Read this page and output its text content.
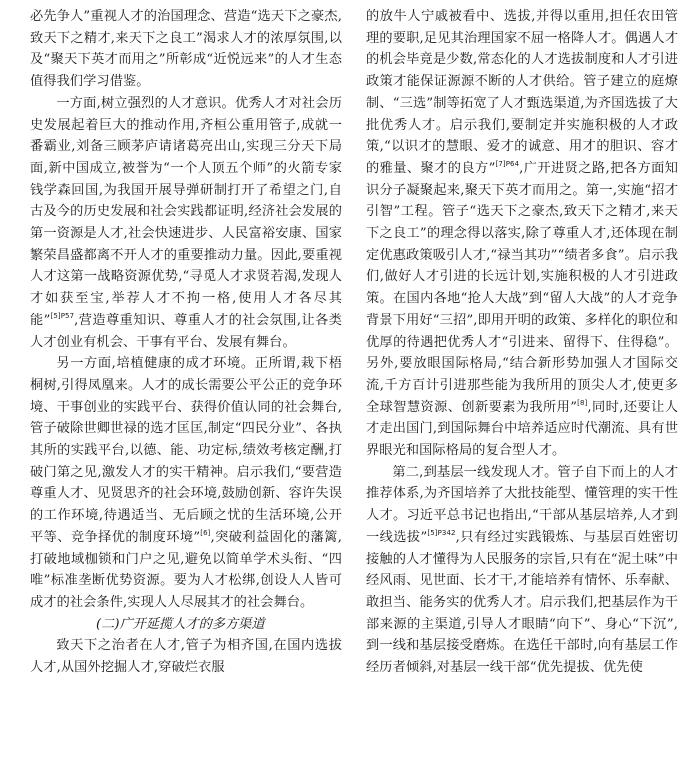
必先争人”重视人才的治国理念、营造“选天下之豪杰,致天下之精才,来天下之良工”渴求人才的浓厚氛围,以及“聚天下英才而用之”所彰成“近悦远来”的人才生态值得我们学习借鉴。

一方面,树立强烈的人才意识。优秀人才对社会历史发展起着巨大的推动作用,齐桓公重用管子,成就一番霸业,刘备三顾茅庐请诸葛亮出山,实现三分天下局面,新中国成立,被誉为“一个人顶五个师”的火箭专家钱学森回国,为我国开展导弹研制打开了希望之门,自古及今的历史发展和社会实践都证明,经济社会发展的第一资源是人才,社会快速进步、人民富裕安康、国家繁荣昌盛都离不开人才的重要推动力量。因此,要重视人才这第一战略资源优势,“寻觅人才求贤若渴,发现人才如获至宝,举荐人才不拘一格,使用人才各尽其能”$^{[5]P57}$,营造尊重知识、尊重人才的社会氛围,让各类人才创业有机会、干事有平台、发展有舞台。

另一方面,培植健康的成才环境。正所谓,栽下梧桐树,引得凤凰来。人才的成长需要公平公正的竞争环境、干事创业的实践平台、获得价值认同的社会舞台,管子破除世卿世禄的选才匡匡,制定“四民分业”、各执其所的实践平台,以德、能、功定标,绩效考核定酬,打破门第之见,激发人才的实干精神。启示我们,“要营造尊重人才、见贤思齐的社会环境,鼓励创新、容许失误的工作环境,待遇适当、无后顾之忧的生活环境,公开平等、竞争择优的制度环境”[6],突破利益固化的藩篱,打破地域枷锁和门户之见,避免以简单学术头衔、“四唯”标准垄断优势资源。要为人才松绑,创设人人皆可成才的社会条件,实现人人尽展其才的社会舞台。

(二)广开延揽人才的多方渠道

致天下之治者在人才,管子为相齐国,在国内选拔人才,从国外挖掘人才,穿破烂衣服

的放牛人宁戚被看中、选拔,并得以重用,担任农田管理的要职,足见其治理国家不屈一格降人才。偶遇人才的机会毕竟是少数,常态化的人才选拔制度和人才引进政策才能保证源源不断的人才供给。管子建立的庭燎制、“三选”制等拓宽了人才甄选渠道,为齐国选拔了大批优秀人才。启示我们,要制定并实施积极的人才政策,“以识才的慧眼、爱才的诚意、用才的胆识、容才的雅量、聚才的良方”$^{[7]P64}$,广开进贤之路,把各方面知识分子凝聚起来,聚天下英才而用之。第一,实施“招才引智”工程。管子“选天下之豪杰,致天下之精才,来天下之良工”的理念得以落实,除了尊重人才,还体现在制定优惠政策吸引人才,“禄当其功”“绩者多食”。启示我们,做好人才引进的长远计划,实施积极的人才引进政策。在国内各地“抢人大战”到“留人大战”的人才竞争背景下用好“三招”,即用开明的政策、多样化的职位和优厚的待遇把优秀人才“引进来、留得下、住得稳”。另外,要放眼国际格局,“结合新形势加强人才国际交流,千方百计引进那些能为我所用的顶尖人才,使更多全球智慧资源、创新要素为我所用”[8],同时,还要让人才走出国门,到国际舞台中培养适应时代潮流、具有世界眼光和国际格局的复合型人才。

第二,到基层一线发现人才。管子自下而上的人才推荐体系,为齐国培养了大批技能型、懂管理的实干性人才。习近平总书记也指出,“干部从基层培养,人才到一线选拔”$^{[5]P342}$,只有经过实践锻炼、与基层百姓密切接触的人才懂得为人民服务的宗旨,只有在“泥土味”中经风雨、见世面、长才干,才能培养有情怀、乐奉献、敢担当、能务实的优秀人才。启示我们,把基层作为干部来源的主渠道,引导人才眼睛“向下”、身心“下沉”,到一线和基层接受磨炼。在选任干部时,向有基层工作经历者倾斜,对基层一线干部“优先提拔、优先使
